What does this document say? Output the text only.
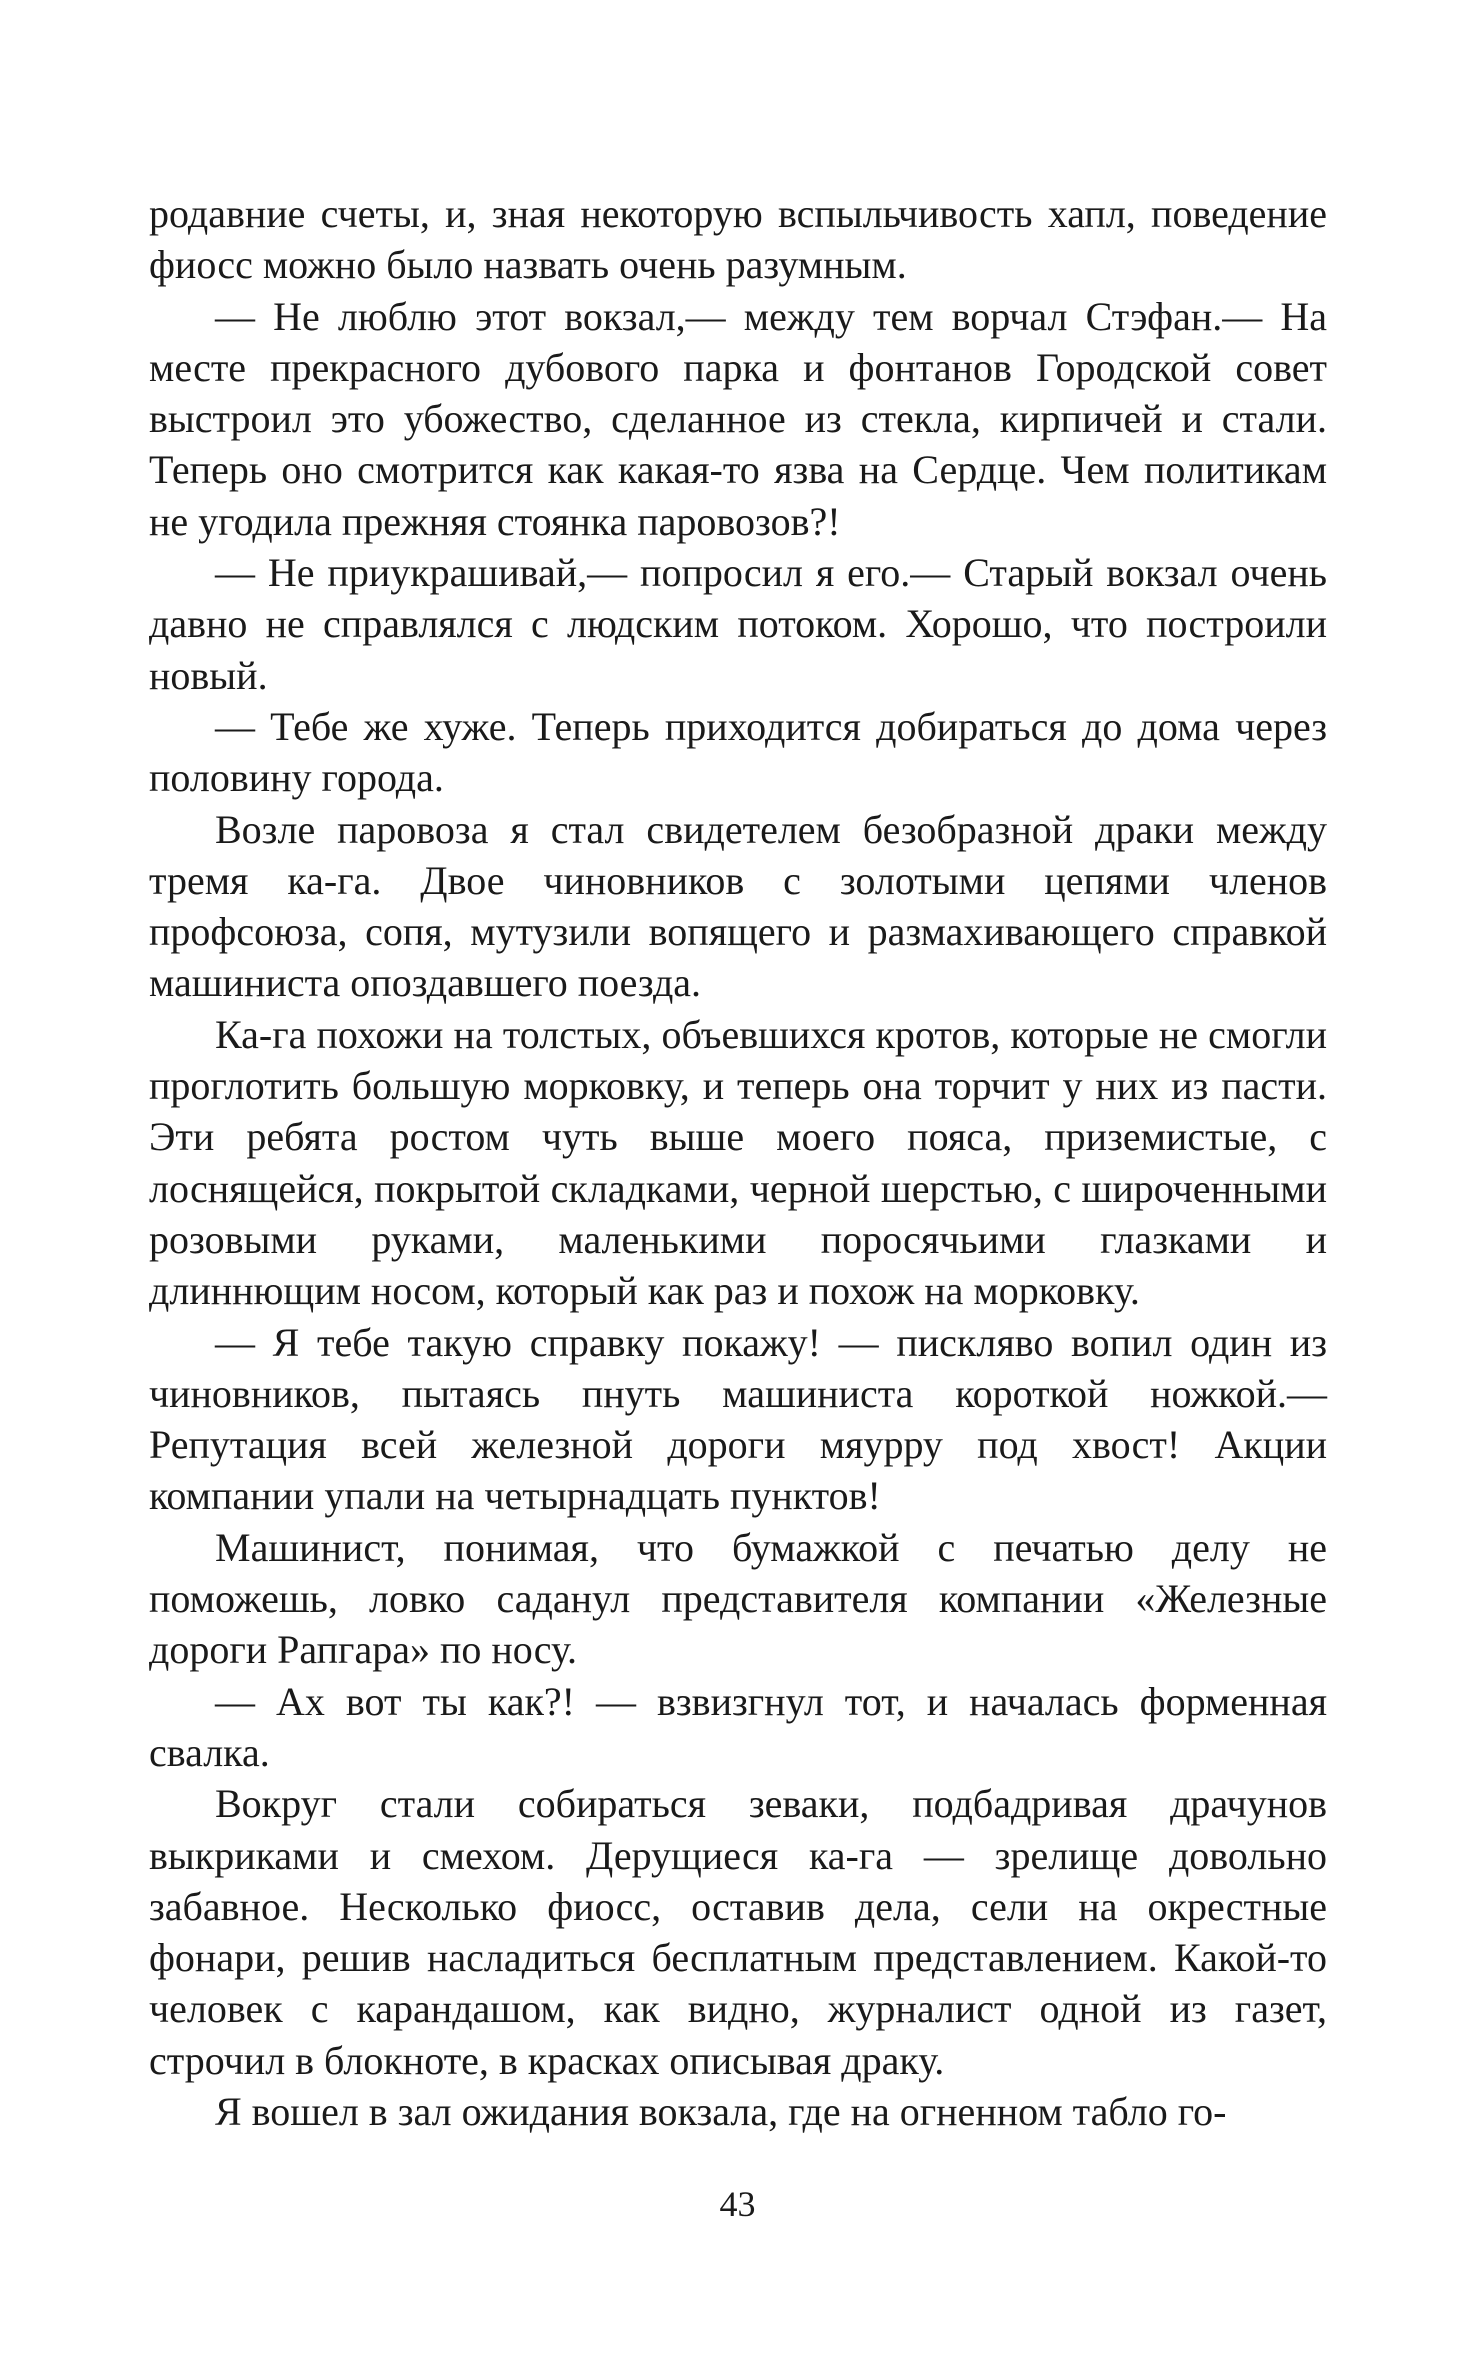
родавние счеты, и, зная некоторую вспыльчивость хапл, поведение фиосс можно было назвать очень разумным.

— Не люблю этот вокзал,— между тем ворчал Стэфан.— На месте прекрасного дубового парка и фонтанов Городской совет выстроил это убожество, сделанное из стекла, кирпичей и стали. Теперь оно смотрится как какая-то язва на Сердце. Чем политикам не угодила прежняя стоянка паровозов?!

— Не приукрашивай,— попросил я его.— Старый вокзал очень давно не справлялся с людским потоком. Хорошо, что построили новый.

— Тебе же хуже. Теперь приходится добираться до дома через половину города.

Возле паровоза я стал свидетелем безобразной драки между тремя ка-га. Двое чиновников с золотыми цепями членов профсоюза, сопя, мутузили вопящего и размахивающего справкой машиниста опоздавшего поезда.

Ка-га похожи на толстых, объевшихся кротов, которые не смогли проглотить большую морковку, и теперь она торчит у них из пасти. Эти ребята ростом чуть выше моего пояса, приземистые, с лоснящейся, покрытой складками, черной шерстью, с широченными розовыми руками, маленькими поросячьими глазками и длиннющим носом, который как раз и похож на морковку.

— Я тебе такую справку покажу! — пискляво вопил один из чиновников, пытаясь пнуть машиниста короткой ножкой.— Репутация всей железной дороги мяурру под хвост! Акции компании упали на четырнадцать пунктов!

Машинист, понимая, что бумажкой с печатью делу не поможешь, ловко саданул представителя компании «Железные дороги Рапгара» по носу.

— Ах вот ты как?! — взвизгнул тот, и началась форменная свалка.

Вокруг стали собираться зеваки, подбадривая драчунов выкриками и смехом. Дерущиеся ка-га — зрелище довольно забавное. Несколько фиосс, оставив дела, сели на окрестные фонари, решив насладиться бесплатным представлением. Какой-то человек с карандашом, как видно, журналист одной из газет, строчил в блокноте, в красках описывая драку.

Я вошел в зал ожидания вокзала, где на огненном табло го-

43
